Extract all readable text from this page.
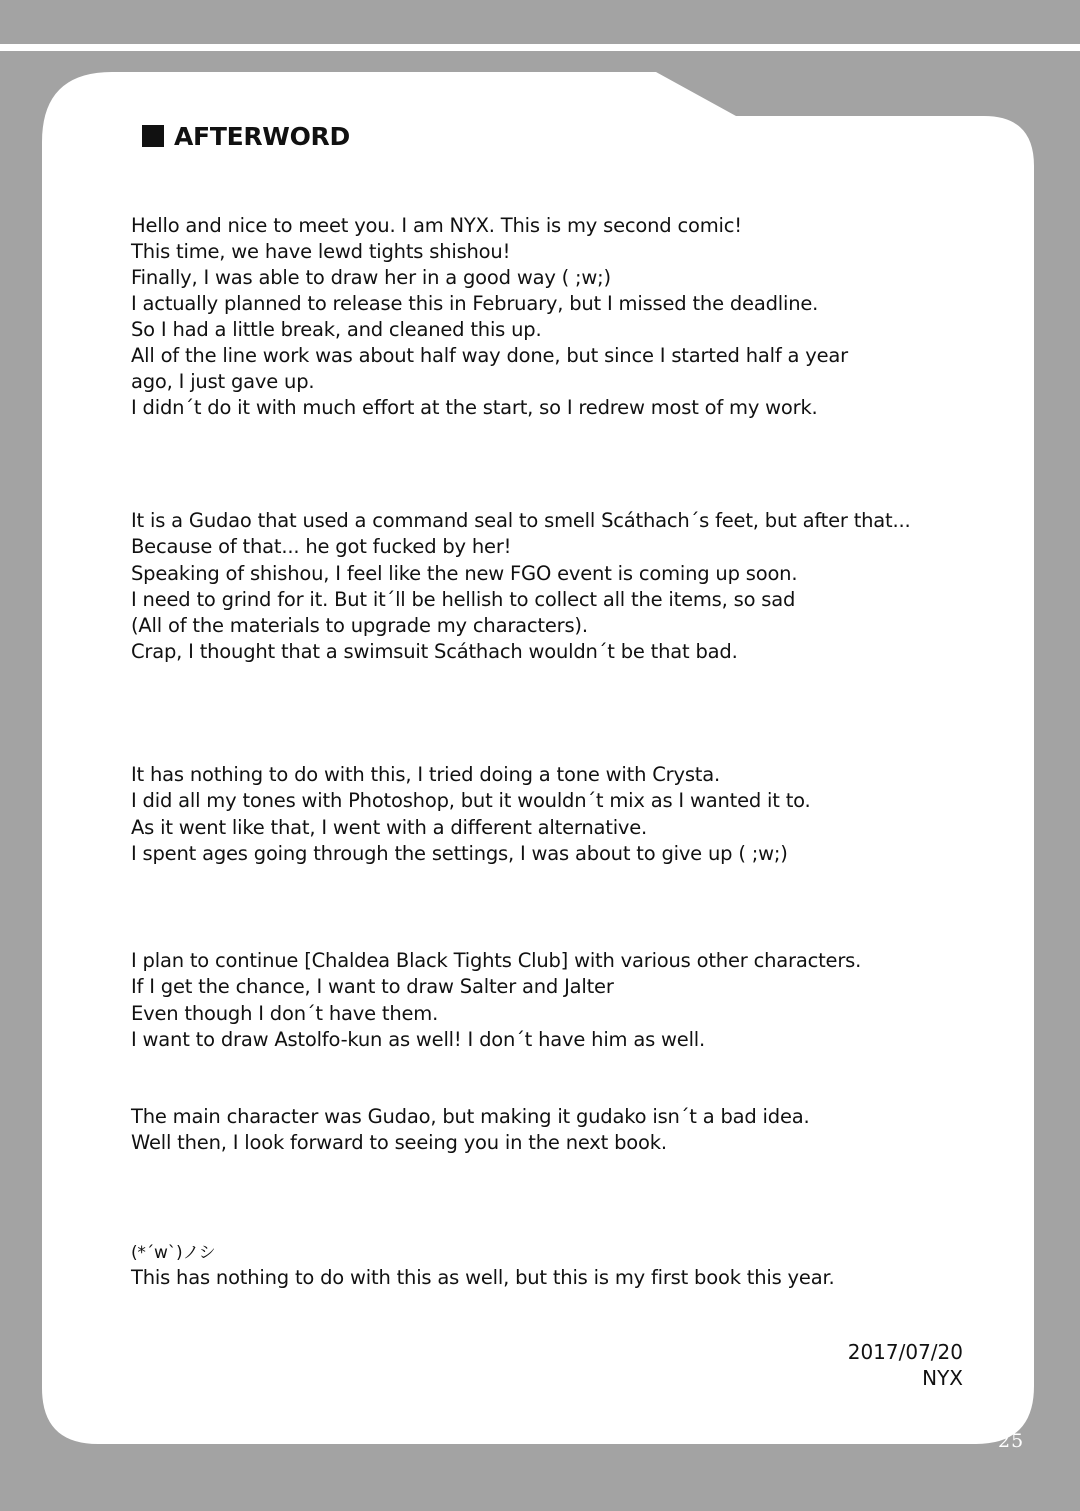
AFTERWORD
Hello and nice to meet you. I am NYX. This is my second comic!
This time, we have lewd tights shishou!
Finally, I was able to draw her in a good way ( ;w;)
I actually planned to release this in February, but I missed the deadline.
So I had a little break, and cleaned this up.
All of the line work was about half way done, but since I started half a year
ago, I just gave up.
I didn´t do it with much effort at the start, so I redrew most of my work.
It is a Gudao that used a command seal to smell Scáthach´s feet, but after that...
Because of that... he got fucked by her!
Speaking of shishou, I feel like the new FGO event is coming up soon.
I need to grind for it. But it´ll be hellish to collect all the items, so sad
(All of the materials to upgrade my characters).
Crap, I thought that a swimsuit Scáthach wouldn´t be that bad.
It has nothing to do with this, I tried doing a tone with Crysta.
I did all my tones with Photoshop, but it wouldn´t mix as I wanted it to.
As it went like that, I went with a different alternative.
I spent ages going through the settings, I was about to give up ( ;w;)
I plan to continue [Chaldea Black Tights Club] with various other characters.
If I get the chance, I want to draw Salter and Jalter
Even though I don´t have them.
I want to draw Astolfo-kun as well! I don´t have him as well.
The main character was Gudao, but making it gudako isn´t a bad idea.
Well then, I look forward to seeing you in the next book.
(*´w`)ノシ
This has nothing to do with this as well, but this is my first book this year.
2017/07/20
NYX
25
